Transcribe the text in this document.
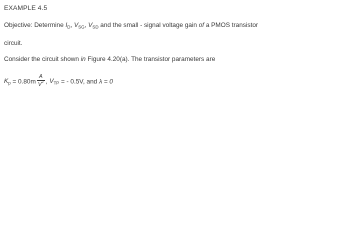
EXAMPLE 4.5
Objective: Determine $I_D$, $V_{SG}$, $V_{SD}$ and the small - signal voltage gain of a PMOS transistor
circuit.
Consider the circuit shown in Figure 4.20(a). The transistor parameters are
$K_p = 0.80m \frac{A}{V^2}$ , $V_{TP}$ = - 0.5V, and λ = 0
